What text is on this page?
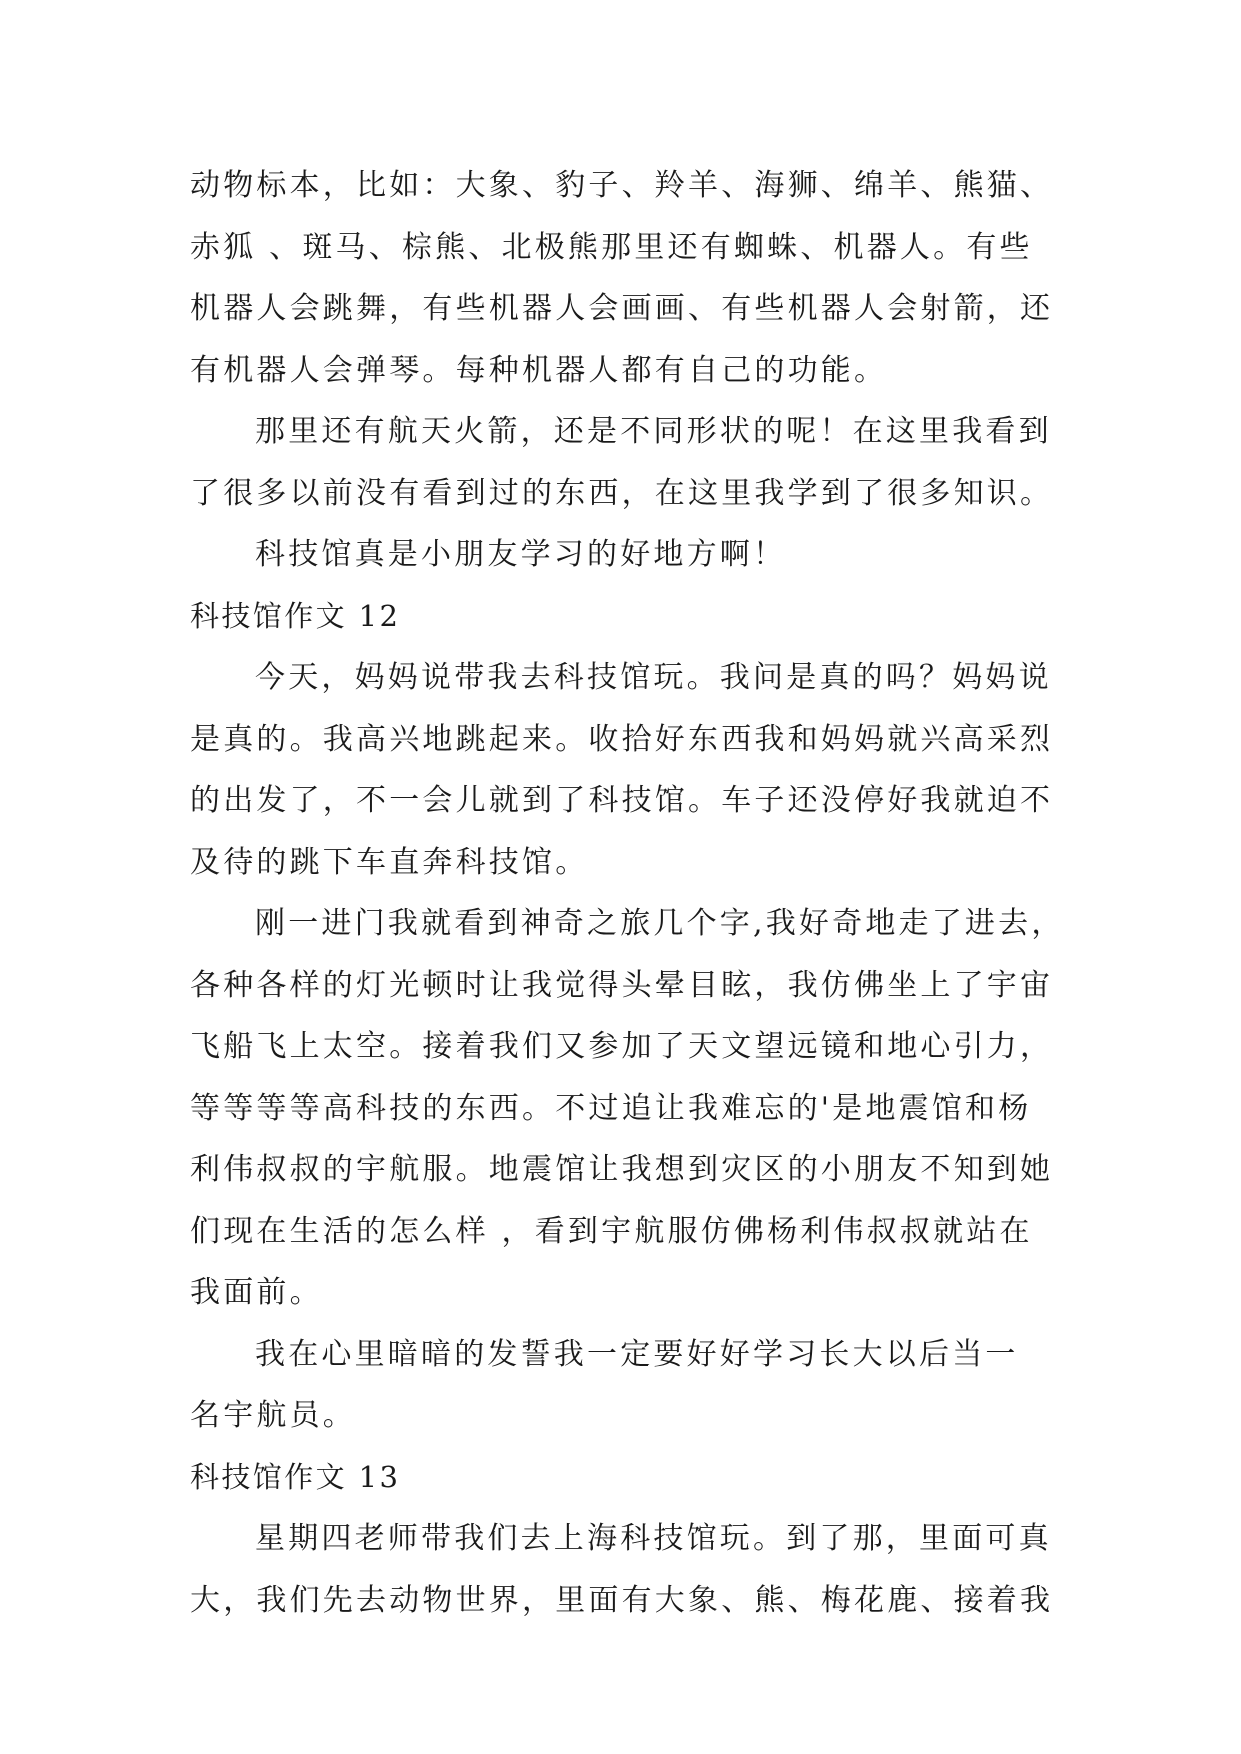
动物标本，比如：大象、豹子、羚羊、海狮、绵羊、熊猫、
赤狐 、斑马、棕熊、北极熊那里还有蜘蛛、机器人。有些
机器人会跳舞，有些机器人会画画、有些机器人会射箭，还
有机器人会弹琴。每种机器人都有自己的功能。
那里还有航天火箭，还是不同形状的呢！在这里我看到
了很多以前没有看到过的东西，在这里我学到了很多知识。
科技馆真是小朋友学习的好地方啊！
科技馆作文 12
今天，妈妈说带我去科技馆玩。我问是真的吗？妈妈说
是真的。我高兴地跳起来。收拾好东西我和妈妈就兴高采烈
的出发了，不一会儿就到了科技馆。车子还没停好我就迫不
及待的跳下车直奔科技馆。
刚一进门我就看到神奇之旅几个字,我好奇地走了进去，
各种各样的灯光顿时让我觉得头晕目眩，我仿佛坐上了宇宙
飞船飞上太空。接着我们又参加了天文望远镜和地心引力，
等等等等高科技的东西。不过追让我难忘的'是地震馆和杨
利伟叔叔的宇航服。地震馆让我想到灾区的小朋友不知到她
们现在生活的怎么样 ，看到宇航服仿佛杨利伟叔叔就站在
我面前。
我在心里暗暗的发誓我一定要好好学习长大以后当一
名宇航员。
科技馆作文 13
星期四老师带我们去上海科技馆玩。到了那，里面可真
大，我们先去动物世界，里面有大象、熊、梅花鹿、接着我
